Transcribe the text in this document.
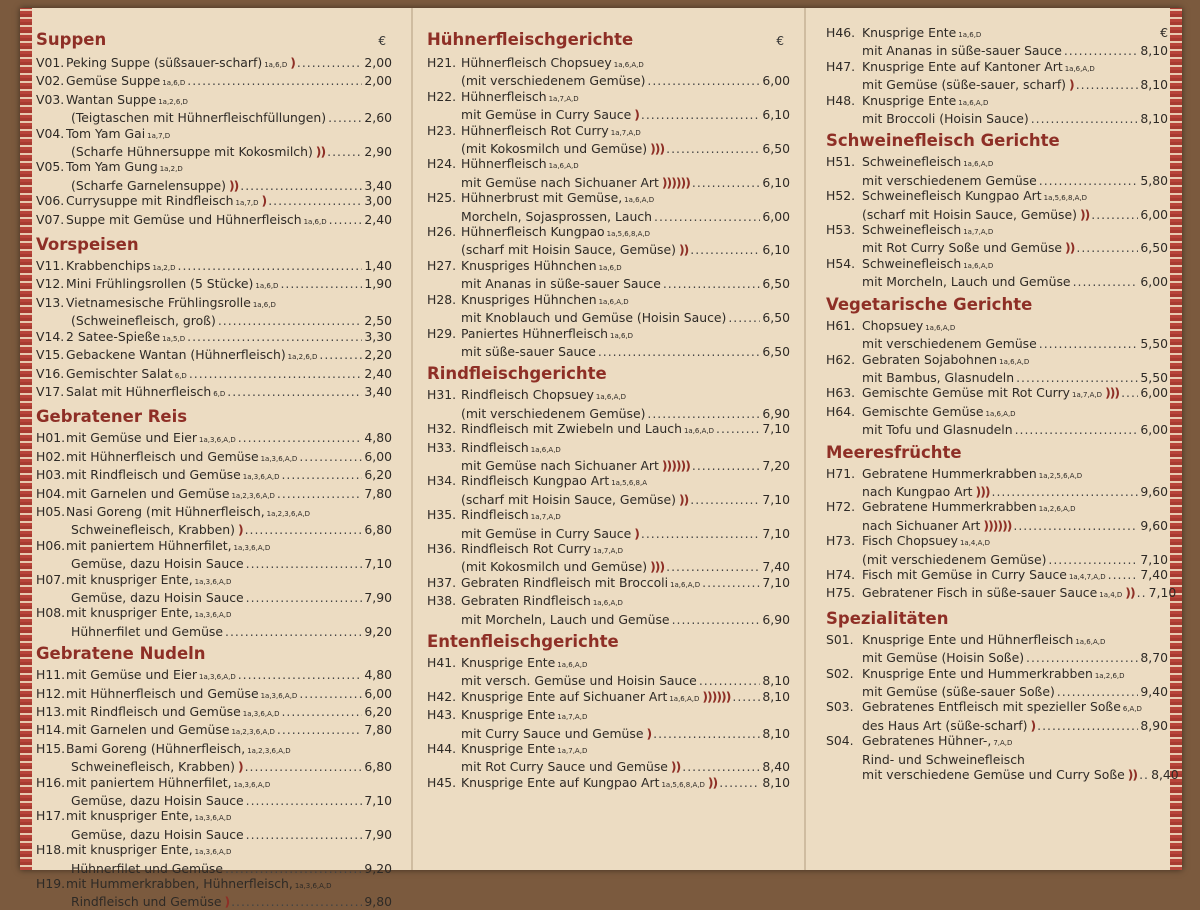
Suppen	€
V01. Peking Suppe (süßsauer-scharf) 1a,6,D ) .....	2,00
V02. Gemüse Suppe 1a,6,D .....	2,00
V03. Wantan Suppe 1a,2,6,D
(Teigtaschen mit Hühnerfleischfüllungen) .....	2,60
V04. Tom Yam Gai 1a,7,D
(Scharfe Hühnersuppe mit Kokosmilch) )) .....	2,90
V05. Tom Yam Gung 1a,2,D
(Scharfe Garnelensuppe) )) .....	3,40
V06. Currysuppe mit Rindfleisch 1a,7,D ) .....	3,00
V07. Suppe mit Gemüse und Hühnerfleisch 1a,6,D .....	2,40
Vorspeisen
V11. Krabbenchips 1a,2,D .....	1,40
V12. Mini Frühlingsrollen (5 Stücke) 1a,6,D .....	1,90
V13. Vietnamesische Frühlingsrolle 1a,6,D
(Schweinefleisch, groß) .....	2,50
V14. 2 Satee-Spieße 1a,5,D .....	3,30
V15. Gebackene Wantan (Hühnerfleisch) 1a,2,6,D .....	2,20
V16. Gemischter Salat 6,D .....	2,40
V17. Salat mit Hühnerfleisch 6,D .....	3,40
Gebratener Reis
H01. mit Gemüse und Eier 1a,3,6,A,D .....	4,80
H02. mit Hühnerfleisch und Gemüse 1a,3,6,A,D .....	6,00
H03. mit Rindfleisch und Gemüse 1a,3,6,A,D .....	6,20
H04. mit Garnelen und Gemüse 1a,2,3,6,A,D .....	7,80
H05. Nasi Goreng (mit Hühnerfleisch, 1a,2,3,6,A,D
Schweinefleisch, Krabben) ) .....	6,80
H06. mit paniertem Hühnerfilet, 1a,3,6,A,D
Gemüse, dazu Hoisin Sauce .....	7,10
H07. mit knuspriger Ente, 1a,3,6,A,D
Gemüse, dazu Hoisin Sauce .....	7,90
H08. mit knuspriger Ente, 1a,3,6,A,D
Hühnerfilet und Gemüse .....	9,20
Gebratene Nudeln
H11. mit Gemüse und Eier 1a,3,6,A,D .....	4,80
H12. mit Hühnerfleisch und Gemüse 1a,3,6,A,D .....	6,00
H13. mit Rindfleisch und Gemüse 1a,3,6,A,D .....	6,20
H14. mit Garnelen und Gemüse 1a,2,3,6,A,D .....	7,80
H15. Bami Goreng (Hühnerfleisch, 1a,2,3,6,A,D
Schweinefleisch, Krabben) ) .....	6,80
H16. mit paniertem Hühnerfilet, 1a,3,6,A,D
Gemüse, dazu Hoisin Sauce .....	7,10
H17. mit knuspriger Ente, 1a,3,6,A,D
Gemüse, dazu Hoisin Sauce .....	7,90
H18. mit knuspriger Ente, 1a,3,6,A,D
Hühnerfilet und Gemüse .....	9,20
H19. mit Hummerkrabben, Hühnerfleisch, 1a,3,6,A,D
Rindfleisch und Gemüse ) .....	9,80
Hühnerfleischgerichte	€
H21. Hühnerfleisch Chopsuey 1a,6,A,D
(mit verschiedenem Gemüse) .....	6,00
H22. Hühnerfleisch 1a,7,A,D
mit Gemüse in Curry Sauce ) .....	6,10
H23. Hühnerfleisch Rot Curry 1a,7,A,D
(mit Kokosmilch und Gemüse) ))) .....	6,50
H24. Hühnerfleisch 1a,6,A,D
mit Gemüse nach Sichuaner Art )))))) .....	6,10
H25. Hühnerbrust mit Gemüse, 1a,6,A,D
Morcheln, Sojasprossen, Lauch .....	6,00
H26. Hühnerfleisch Kungpao 1a,5,6,8,A,D
(scharf mit Hoisin Sauce, Gemüse) )) .....	6,10
H27. Knuspriges Hühnchen 1a,6,D
mit Ananas in süße-sauer Sauce .....	6,50
H28. Knuspriges Hühnchen 1a,6,A,D
mit Knoblauch und Gemüse (Hoisin Sauce) .....	6,50
H29. Paniertes Hühnerfleisch 1a,6,D
mit süße-sauer Sauce .....	6,50
Rindfleischgerichte
H31. Rindfleisch Chopsuey 1a,6,A,D
(mit verschiedenem Gemüse) .....	6,90
H32. Rindfleisch mit Zwiebeln und Lauch 1a,6,A,D .....	7,10
H33. Rindfleisch 1a,6,A,D
mit Gemüse nach Sichuaner Art )))))) .....	7,20
H34. Rindfleisch Kungpao Art 1a,5,6,8,A
(scharf mit Hoisin Sauce, Gemüse) )) .....	7,10
H35. Rindfleisch 1a,7,A,D
mit Gemüse in Curry Sauce ) .....	7,10
H36. Rindfleisch Rot Curry 1a,7,A,D
(mit Kokosmilch und Gemüse) ))) .....	7,40
H37. Gebraten Rindfleisch mit Broccoli 1a,6,A,D .....	7,10
H38. Gebraten Rindfleisch 1a,6,A,D
mit Morcheln, Lauch und Gemüse .....	6,90
Entenfleischgerichte
H41. Knusprige Ente 1a,6,A,D
mit versch. Gemüse und Hoisin Sauce .....	8,10
H42. Knusprige Ente auf Sichuaner Art 1a,6,A,D )))))) .....	8,10
H43. Knusprige Ente 1a,7,A,D
mit Curry Sauce und Gemüse ) .....	8,10
H44. Knusprige Ente 1a,7,A,D
mit Rot Curry Sauce und Gemüse )) .....	8,40
H45. Knusprige Ente auf Kungpao Art 1a,5,6,8,A,D )) .....	8,10
H46. Knusprige Ente 1a,6,D	€
mit Ananas in süße-sauer Sauce .....	8,10
H47. Knusprige Ente auf Kantoner Art 1a,6,A,D
mit Gemüse (süße-sauer, scharf) ) .....	8,10
H48. Knusprige Ente 1a,6,A,D
mit Broccoli (Hoisin Sauce) .....	8,10
Schweinefleisch Gerichte
H51. Schweinefleisch 1a,6,A,D
mit verschiedenem Gemüse .....	5,80
H52. Schweinefleisch Kungpao Art 1a,5,6,8,A,D
(scharf mit Hoisin Sauce, Gemüse) )) .....	6,00
H53. Schweinefleisch 1a,7,A,D
mit Rot Curry Soße und Gemüse )) .....	6,50
H54. Schweinefleisch 1a,6,A,D
mit Morcheln, Lauch und Gemüse .....	6,00
Vegetarische Gerichte
H61. Chopsuey 1a,6,A,D
mit verschiedenem Gemüse .....	5,50
H62. Gebraten Sojabohnen 1a,6,A,D
mit Bambus, Glasnudeln .....	5,50
H63. Gemischte Gemüse mit Rot Curry 1a,7,A,D ))) ..... 6,00
H64. Gemischte Gemüse 1a,6,A,D
mit Tofu und Glasnudeln .....	6,00
Meeresfrüchte
H71. Gebratene Hummerkrabben 1a,2,5,6,A,D
nach Kungpao Art ))) .....	9,60
H72. Gebratene Hummerkrabben 1a,2,6,A,D
nach Sichuaner Art )))))) .....	9,60
H73. Fisch Chopsuey 1a,4,A,D
(mit verschiedenem Gemüse) .....	7,10
H74. Fisch mit Gemüse in Curry Sauce 1a,4,7,A,D .....	7,40
H75. Gebratener Fisch in süße-sauer Sauce 1a,4,D )) ..... 7,10
Spezialitäten
S01. Knusprige Ente und Hühnerfleisch 1a,6,A,D
mit Gemüse (Hoisin Soße) .....	8,70
S02. Knusprige Ente und Hummerkrabben 1a,2,6,D
mit Gemüse (süße-sauer Soße) .....	9,40
S03. Gebratenes Entfleisch mit spezieller Soße 6,A,D
des Haus Art (süße-scharf) ) .....	8,90
S04. Gebratenes Hühner-, 7,A,D
Rind- und Schweinefleisch
mit verschiedene Gemüse und Curry Soße )) ..... 8,40
